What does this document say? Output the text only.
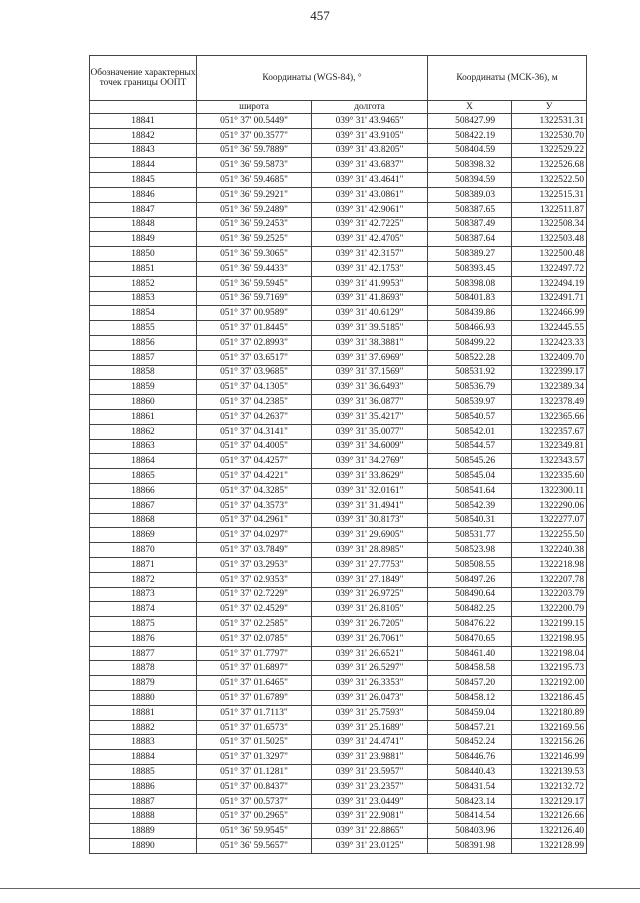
457
Обозначение характерных точек границы ООПТ	Координаты (WGS-84), °		Координаты (МСК-36), м	
	широта	долгота	X	У
18841	051° 37' 00.5449"	039° 31' 43.9465"	508427.99	1322531.31
18842	051° 37' 00.3577"	039° 31' 43.9105"	508422.19	1322530.70
18843	051° 36' 59.7889"	039° 31' 43.8205"	508404.59	1322529.22
18844	051° 36' 59.5873"	039° 31' 43.6837"	508398.32	1322526.68
18845	051° 36' 59.4685"	039° 31' 43.4641"	508394.59	1322522.50
18846	051° 36' 59.2921"	039° 31' 43.0861"	508389.03	1322515.31
18847	051° 36' 59.2489"	039° 31' 42.9061"	508387.65	1322511.87
18848	051° 36' 59.2453"	039° 31' 42.7225"	508387.49	1322508.34
18849	051° 36' 59.2525"	039° 31' 42.4705"	508387.64	1322503.48
18850	051° 36' 59.3065"	039° 31' 42.3157"	508389.27	1322500.48
18851	051° 36' 59.4433"	039° 31' 42.1753"	508393.45	1322497.72
18852	051° 36' 59.5945"	039° 31' 41.9953"	508398.08	1322494.19
18853	051° 36' 59.7169"	039° 31' 41.8693"	508401.83	1322491.71
18854	051° 37' 00.9589"	039° 31' 40.6129"	508439.86	1322466.99
18855	051° 37' 01.8445"	039° 31' 39.5185"	508466.93	1322445.55
18856	051° 37' 02.8993"	039° 31' 38.3881"	508499.22	1322423.33
18857	051° 37' 03.6517"	039° 31' 37.6969"	508522.28	1322409.70
18858	051° 37' 03.9685"	039° 31' 37.1569"	508531.92	1322399.17
18859	051° 37' 04.1305"	039° 31' 36.6493"	508536.79	1322389.34
18860	051° 37' 04.2385"	039° 31' 36.0877"	508539.97	1322378.49
18861	051° 37' 04.2637"	039° 31' 35.4217"	508540.57	1322365.66
18862	051° 37' 04.3141"	039° 31' 35.0077"	508542.01	1322357.67
18863	051° 37' 04.4005"	039° 31' 34.6009"	508544.57	1322349.81
18864	051° 37' 04.4257"	039° 31' 34.2769"	508545.26	1322343.57
18865	051° 37' 04.4221"	039° 31' 33.8629"	508545.04	1322335.60
18866	051° 37' 04.3285"	039° 31' 32.0161"	508541.64	1322300.11
18867	051° 37' 04.3573"	039° 31' 31.4941"	508542.39	1322290.06
18868	051° 37' 04.2961"	039° 31' 30.8173"	508540.31	1322277.07
18869	051° 37' 04.0297"	039° 31' 29.6905"	508531.77	1322255.50
18870	051° 37' 03.7849"	039° 31' 28.8985"	508523.98	1322240.38
18871	051° 37' 03.2953"	039° 31' 27.7753"	508508.55	1322218.98
18872	051° 37' 02.9353"	039° 31' 27.1849"	508497.26	1322207.78
18873	051° 37' 02.7229"	039° 31' 26.9725"	508490.64	1322203.79
18874	051° 37' 02.4529"	039° 31' 26.8105"	508482.25	1322200.79
18875	051° 37' 02.2585"	039° 31' 26.7205"	508476.22	1322199.15
18876	051° 37' 02.0785"	039° 31' 26.7061"	508470.65	1322198.95
18877	051° 37' 01.7797"	039° 31' 26.6521"	508461.40	1322198.04
18878	051° 37' 01.6897"	039° 31' 26.5297"	508458.58	1322195.73
18879	051° 37' 01.6465"	039° 31' 26.3353"	508457.20	1322192.00
18880	051° 37' 01.6789"	039° 31' 26.0473"	508458.12	1322186.45
18881	051° 37' 01.7113"	039° 31' 25.7593"	508459.04	1322180.89
18882	051° 37' 01.6573"	039° 31' 25.1689"	508457.21	1322169.56
18883	051° 37' 01.5025"	039° 31' 24.4741"	508452.24	1322156.26
18884	051° 37' 01.3297"	039° 31' 23.9881"	508446.76	1322146.99
18885	051° 37' 01.1281"	039° 31' 23.5957"	508440.43	1322139.53
18886	051° 37' 00.8437"	039° 31' 23.2357"	508431.54	1322132.72
18887	051° 37' 00.5737"	039° 31' 23.0449"	508423.14	1322129.17
18888	051° 37' 00.2965"	039° 31' 22.9081"	508414.54	1322126.66
18889	051° 36' 59.9545"	039° 31' 22.8865"	508403.96	1322126.40
18890	051° 36' 59.5657"	039° 31' 23.0125"	508391.98	1322128.99
